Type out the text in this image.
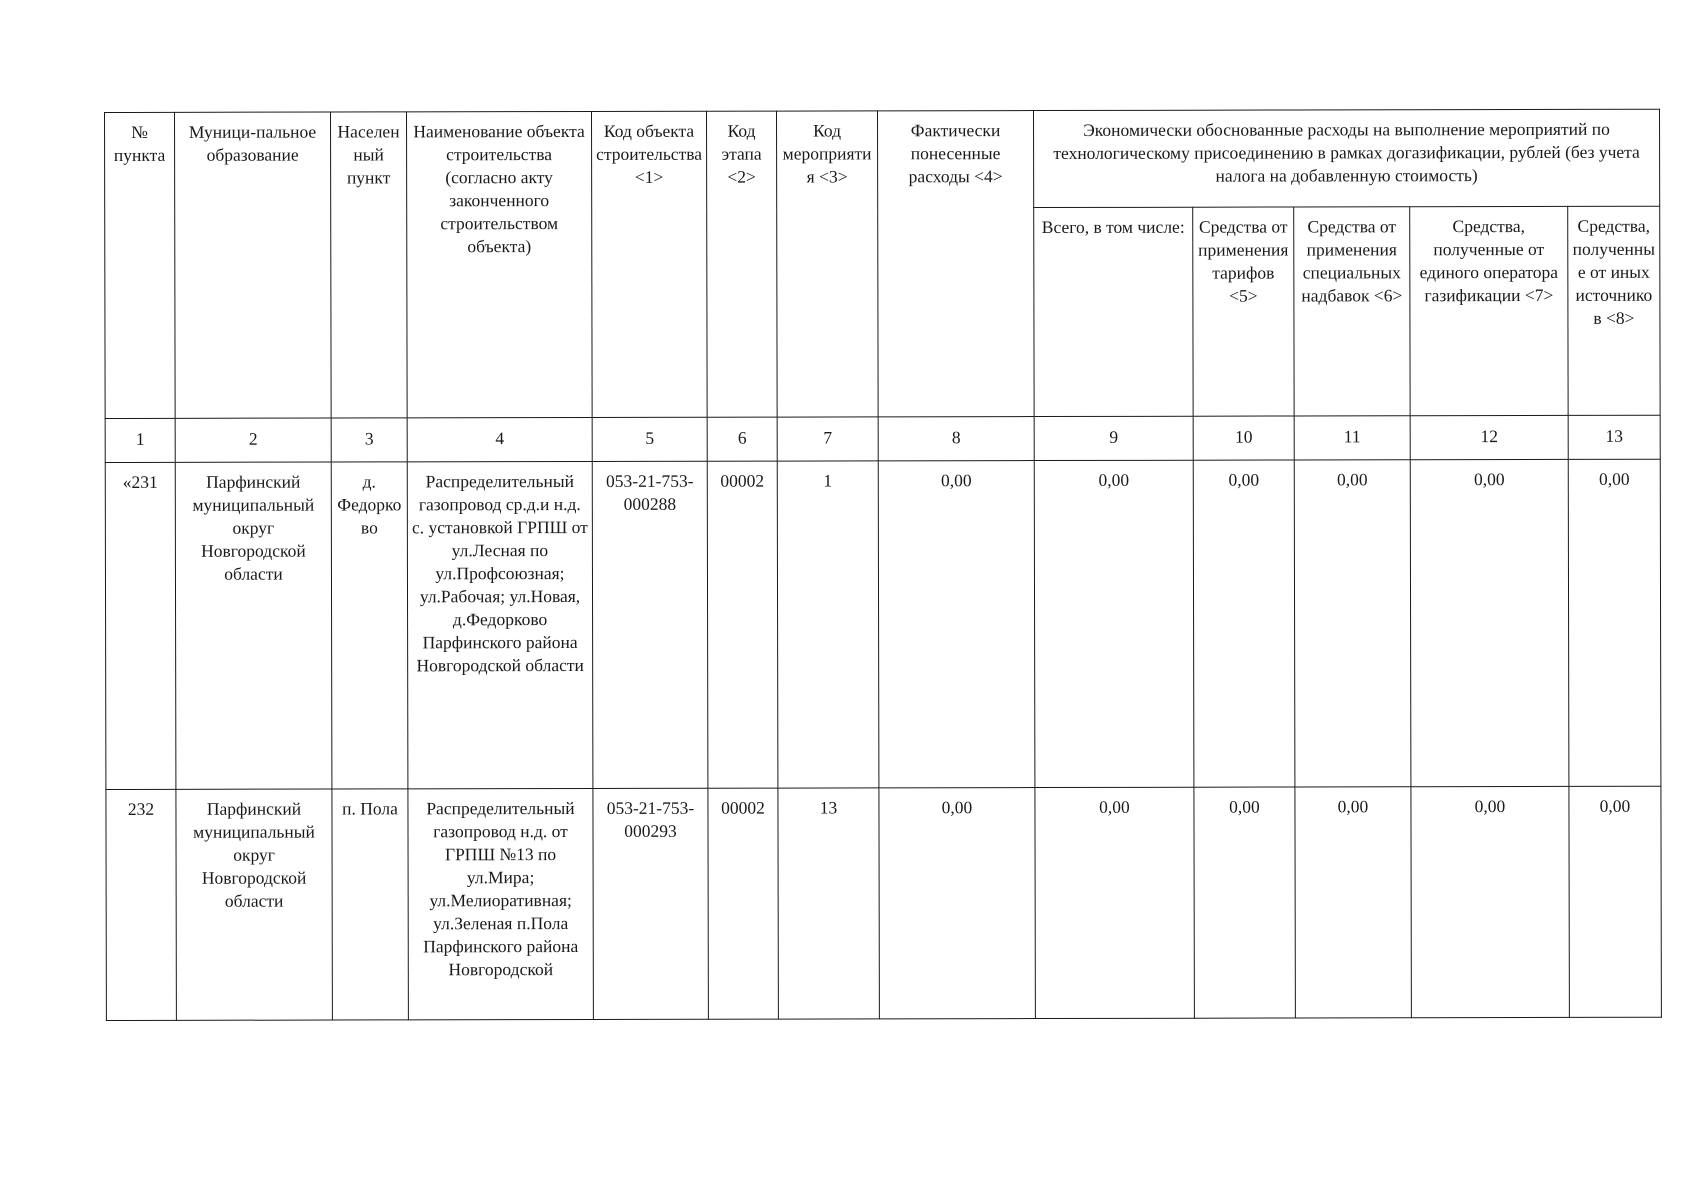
№ пункта	Муници-пальное образование	Населенный пункт	Наименование объекта строительства (согласно акту законченного строительством объекта)	Код объекта строительства <1>	Код этапа <2>	Код мероприятия <3>	Фактически понесенные расходы <4>	Экономически обоснованные расходы на выполнение мероприятий по технологическому присоединению в рамках догазификации, рублей (без учета налога на добавленную стоимость)				
								Всего, в том числе:	Средства от применения тарифов <5>	Средства от применения специальных надбавок <6>	Средства, полученные от единого оператора газификации <7>	Средства, полученные от иных источников <8>
1	2	3	4	5	6	7	8	9	10	11	12	13
«231	Парфинский муниципальный округ Новгородской области	д. Федорково	Распределительный газопровод ср.д.и н.д. с. установкой ГРПШ от ул.Лесная по ул.Профсоюзная; ул.Рабочая; ул.Новая, д.Федорково Парфинского района Новгородской области	053-21-753-000288	00002	1	0,00	0,00	0,00	0,00	0,00	0,00
232	Парфинский муниципальный округ Новгородской области	п. Пола	Распределительный газопровод н.д. от ГРПШ №13 по ул.Мира; ул.Мелиоративная; ул.Зеленая п.Пола Парфинского района Новгородской	053-21-753-000293	00002	13	0,00	0,00	0,00	0,00	0,00	0,00
